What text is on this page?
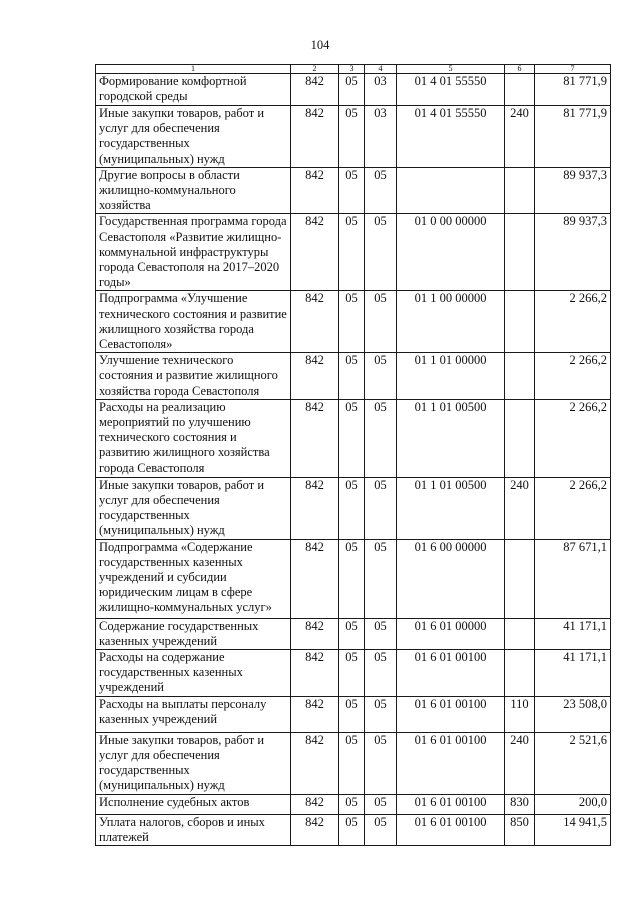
104
1	2	3	4	5	6	7
Формирование комфортной городской среды	842	05	03	01 4 01 55550		81 771,9
Иные закупки товаров, работ и услуг для обеспечения государственных (муниципальных) нужд	842	05	03	01 4 01 55550	240	81 771,9
Другие вопросы в области жилищно-коммунального хозяйства	842	05	05			89 937,3
Государственная программа города Севастополя «Развитие жилищно-коммунальной инфраструктуры города Севастополя на 2017–2020 годы»	842	05	05	01 0 00 00000		89 937,3
Подпрограмма «Улучшение технического состояния и развитие жилищного хозяйства города Севастополя»	842	05	05	01 1 00 00000		2 266,2
Улучшение технического состояния и развитие жилищного хозяйства города Севастополя	842	05	05	01 1 01 00000		2 266,2
Расходы на реализацию мероприятий по улучшению технического состояния и развитию жилищного хозяйства города Севастополя	842	05	05	01 1 01 00500		2 266,2
Иные закупки товаров, работ и услуг для обеспечения государственных (муниципальных) нужд	842	05	05	01 1 01 00500	240	2 266,2
Подпрограмма «Содержание государственных казенных учреждений и субсидии юридическим лицам в сфере жилищно-коммунальных услуг»	842	05	05	01 6 00 00000		87 671,1
Содержание государственных казенных учреждений	842	05	05	01 6 01 00000		41 171,1
Расходы на содержание государственных казенных учреждений	842	05	05	01 6 01 00100		41 171,1
Расходы на выплаты персоналу казенных учреждений	842	05	05	01 6 01 00100	110	23 508,0
Иные закупки товаров, работ и услуг для обеспечения государственных (муниципальных) нужд	842	05	05	01 6 01 00100	240	2 521,6
Исполнение судебных актов	842	05	05	01 6 01 00100	830	200,0
Уплата налогов, сборов и иных платежей	842	05	05	01 6 01 00100	850	14 941,5
